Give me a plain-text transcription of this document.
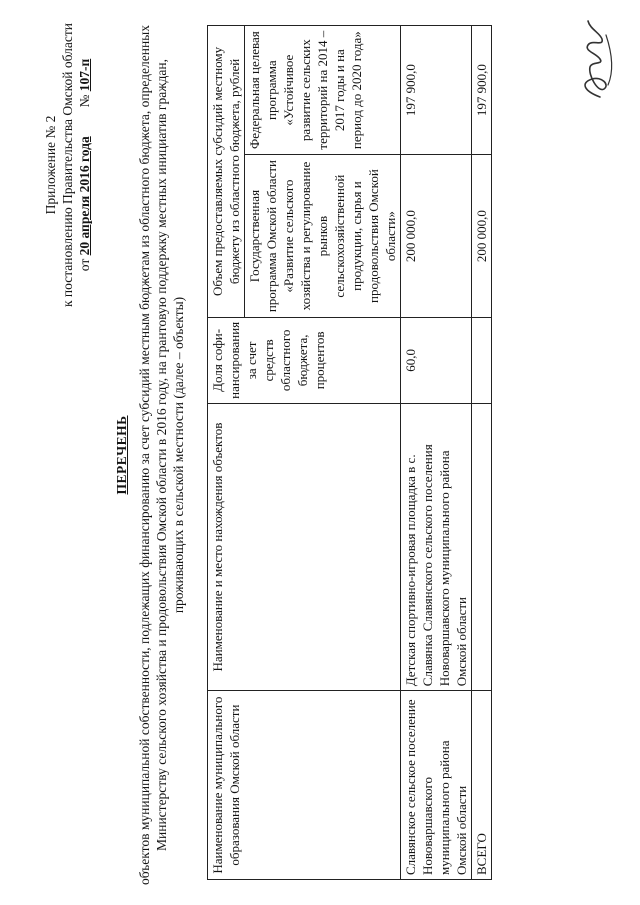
Приложение № 2 к постановлению Правительства Омской области от 20 апреля 2016 года  № 107-п
ПЕРЕЧЕНЬ объектов муниципальной собственности, подлежащих финансированию за счет субсидий местным бюджетам из областного бюджета, определенных Министерству сельского хозяйства и продовольствия Омской области в 2016 году, на грантовую поддержку местных инициатив граждан, проживающих в сельской местности (далее – объекты)
Наименование муниципального образования Омской области	Наименование и место нахождения объектов	Доля софи-нансирования за счет средств областного бюджета, процентов	Объем предоставляемых субсидий местному бюджету из областного бюджета, рублей	
			Государственная программа Омской области «Развитие сельского хозяйства и регулирование рынков сельскохозяйственной продукции, сырья и продовольствия Омской области»	Федеральная целевая программа «Устойчивое развитие сельских территорий на 2014 – 2017 годы и на период до 2020 года»
Славянское сельское поселение Нововаршавского муниципального района Омской области	Детская спортивно-игровая площадка в с. Славянка Славянского сельского поселения Нововаршавского муниципального района Омской области	60,0	200 000,0	197 900,0
ВСЕГО			200 000,0	197 900,0
